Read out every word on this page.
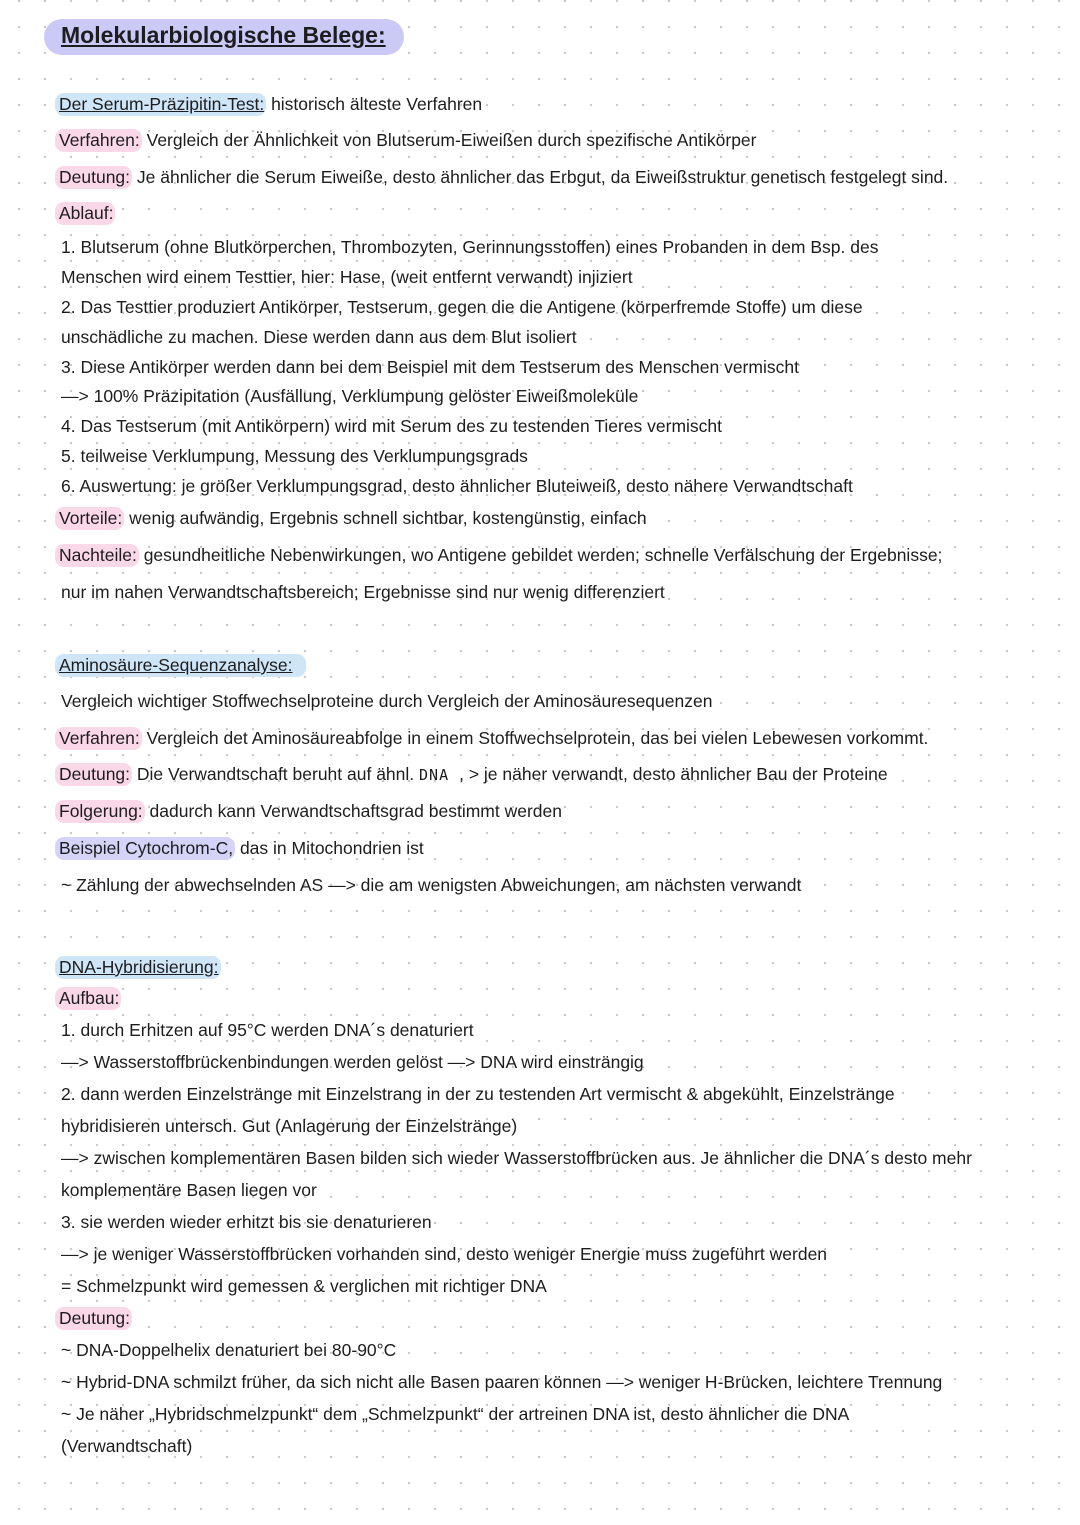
Molekularbiologische Belege:
Der Serum-Präzipitin-Test: historisch älteste Verfahren
Verfahren: Vergleich der Ähnlichkeit von Blutserum-Eiweißen durch spezifische Antikörper
Deutung: Je ähnlicher die Serum Eiweiße, desto ähnlicher das Erbgut, da Eiweißstruktur genetisch festgelegt sind.
Ablauf:
1. Blutserum (ohne Blutkörperchen, Thrombozyten, Gerinnungsstoffen) eines Probanden in dem Bsp. des
Menschen wird einem Testtier, hier: Hase, (weit entfernt verwandt) injiziert
2. Das Testtier produziert Antikörper, Testserum, gegen die die Antigene (körperfremde Stoffe) um diese
unschädliche zu machen. Diese werden dann aus dem Blut isoliert
3. Diese Antikörper werden dann bei dem Beispiel mit dem Testserum des Menschen vermischt
—> 100% Präzipitation (Ausfällung, Verklumpung gelöster Eiweißmoleküle
4. Das Testserum (mit Antikörpern) wird mit Serum des zu testenden Tieres vermischt
5. teilweise Verklumpung, Messung des Verklumpungsgrads
6. Auswertung: je größer Verklumpungsgrad, desto ähnlicher Bluteiweiß, desto nähere Verwandtschaft
Vorteile: wenig aufwändig, Ergebnis schnell sichtbar, kostengünstig, einfach
Nachteile: gesundheitliche Nebenwirkungen, wo Antigene gebildet werden; schnelle Verfälschung der Ergebnisse;
nur im nahen Verwandtschaftsbereich; Ergebnisse sind nur wenig differenziert
Aminosäure-Sequenzanalyse:
Vergleich wichtiger Stoffwechselproteine durch Vergleich der Aminosäuresequenzen
Verfahren: Vergleich det Aminosäureabfolge in einem Stoffwechselprotein, das bei vielen Lebewesen vorkommt.
Deutung: Die Verwandtschaft beruht auf ähnl. DNA , > je näher verwandt, desto ähnlicher Bau der Proteine
Folgerung: dadurch kann Verwandtschaftsgrad bestimmt werden
Beispiel Cytochrom-C, das in Mitochondrien ist
~ Zählung der abwechselnden AS —> die am wenigsten Abweichungen, am nächsten verwandt
DNA-Hybridisierung:
Aufbau:
1. durch Erhitzen auf 95°C werden DNA´s denaturiert
—> Wasserstoffbrückenbindungen werden gelöst —> DNA wird einsträngig
2. dann werden Einzelstränge mit Einzelstrang in der zu testenden Art vermischt & abgekühlt, Einzelstränge
hybridisieren untersch. Gut (Anlagerung der Einzelstränge)
—> zwischen komplementären Basen bilden sich wieder Wasserstoffbrücken aus. Je ähnlicher die DNA´s desto mehr
komplementäre Basen liegen vor
3. sie werden wieder erhitzt bis sie denaturieren
—> je weniger Wasserstoffbrücken vorhanden sind, desto weniger Energie muss zugeführt werden
= Schmelzpunkt wird gemessen & verglichen mit richtiger DNA
Deutung:
~ DNA-Doppelhelix denaturiert bei 80-90°C
~ Hybrid-DNA schmilzt früher, da sich nicht alle Basen paaren können —> weniger H-Brücken, leichtere Trennung
~ Je näher „Hybridschmelzpunkt“ dem „Schmelzpunkt“ der artreinen DNA ist, desto ähnlicher die DNA
(Verwandtschaft)
